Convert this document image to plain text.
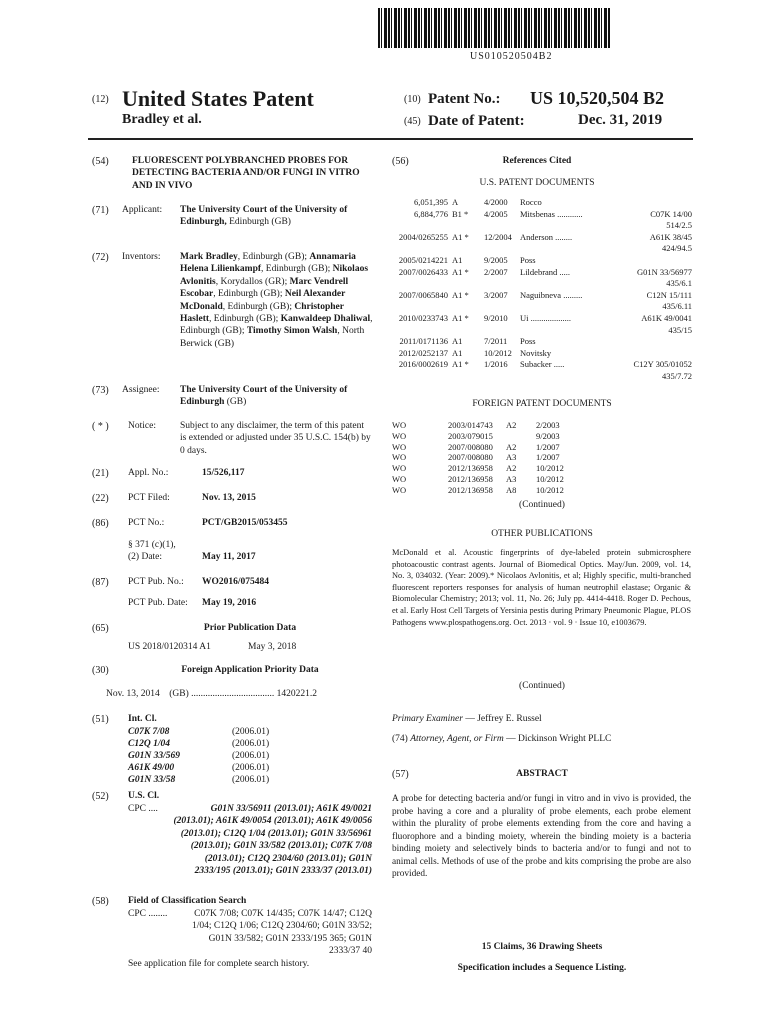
US010520504B2
(12) United States Patent
Bradley et al.
(10) Patent No.: US 10,520,504 B2
(45) Date of Patent:	Dec. 31, 2019
(54) FLUORESCENT POLYBRANCHED PROBES FOR DETECTING BACTERIA AND/OR FUNGI IN VITRO AND IN VIVO
(71) Applicant: The University Court of the University of Edinburgh, Edinburgh (GB)
(72) Inventors: Mark Bradley, Edinburgh (GB); Annamaria Helena Lilienkampf, Edinburgh (GB); Nikolaos Avlonitis, Korydallos (GR); Marc Vendrell Escobar, Edinburgh (GB); Neil Alexander McDonald, Edinburgh (GB); Christopher Haslett, Edinburgh (GB); Kanwaldeep Dhaliwal, Edinburgh (GB); Timothy Simon Walsh, North Berwick (GB)
(73) Assignee: The University Court of the University of Edinburgh (GB)
( * ) Notice:	Subject to any disclaimer, the term of this patent is extended or adjusted under 35 U.S.C. 154(b) by 0 days.
(21) Appl. No.:	15/526,117
(22) PCT Filed:	Nov. 13, 2015
(86) PCT No.:	PCT/GB2015/053455
§ 371 (c)(1),
(2) Date:	May 11, 2017
(87) PCT Pub. No.: WO2016/075484
PCT Pub. Date: May 19, 2016
(65)	Prior Publication Data
US 2018/0120314 A1	May 3, 2018
(30)	Foreign Application Priority Data
Nov. 13, 2014 (GB) ................................... 1420221.2
(51) Int. Cl.
C07K 7/08	(2006.01)
C12Q 1/04	(2006.01)
G01N 33/569	(2006.01)
A61K 49/00	(2006.01)
G01N 33/58	(2006.01)
(52) U.S. Cl.
CPC ....	G01N 33/56911 (2013.01); A61K 49/0021 (2013.01); A61K 49/0054 (2013.01); A61K 49/0056 (2013.01); C12Q 1/04 (2013.01); G01N 33/56961 (2013.01); G01N 33/582 (2013.01); C07K 7/08 (2013.01); C12Q 2304/60 (2013.01); G01N 2333/195 (2013.01); G01N 2333/37 (2013.01)
(58) Field of Classification Search
CPC ........	C07K 7/08; C07K 14/435; C07K 14/47; C12Q 1/04; C12Q 1/06; C12Q 2304/60; G01N 33/52; G01N 33/582; G01N 2333/195 365; G01N 2333/37 40
See application file for complete search history.
(56)	References Cited
U.S. PATENT DOCUMENTS
6,051,395 A	4/2000 Rocco
6,884,776 B1 * 4/2005 Mitsbenas ............	C07K 14/00
514/2.5
2004/0265255 A1 * 12/2004 Anderson ........	A61K 38/45
424/94.5
2005/0214221 A1	9/2005 Poss
2007/0026433 A1 * 2/2007 Lildebrand .....	G01N 33/56977
435/6.1
2007/0065840 A1 * 3/2007 Naguibneva .........	C12N 15/111
435/6.11
2010/0233743 A1 * 9/2010 Ui ...................	A61K 49/0041
435/15
2011/0171136 A1	7/2011 Poss
2012/0252137 A1	10/2012 Novitsky
2016/0002619 A1 * 1/2016 Subacker .....	C12Y 305/01052
435/7.72
FOREIGN PATENT DOCUMENTS
WO	2003/014743 A2 2/2003
WO	2003/079015	9/2003
WO	2007/008080 A2 1/2007
WO	2007/008080 A3 1/2007
WO	2012/136958 A2 10/2012
WO	2012/136958 A3 10/2012
WO	2012/136958 A8 10/2012
(Continued)
OTHER PUBLICATIONS
McDonald et al. Acoustic fingerprints of dye-labeled protein submicrosphere photoacoustic contrast agents. Journal of Biomedical Optics. May/Jun. 2009, vol. 14, No. 3, 034032. (Year: 2009).* Nicolaos Avlonitis, et al; Highly specific, multi-branched fluorescent reporters responses for analysis of human neutrophil elastase; Organic & Biomolecular Chemistry; 2013; vol. 11, No. 26; July pp. 4414-4418. Roger D. Pechous, et al. Early Host Cell Targets of Yersinia pestis during Primary Pneumonic Plague, PLOS Pathogens www.plospathogens.org. Oct. 2013 · vol. 9 · Issue 10, e1003679.
(Continued)
Primary Examiner — Jeffrey E. Russel
(74) Attorney, Agent, or Firm — Dickinson Wright PLLC
(57)	ABSTRACT
A probe for detecting bacteria and/or fungi in vitro and in vivo is provided, the probe having a core and a plurality of probe elements, each probe element within the plurality of probe elements extending from the core and having a fluorophore and a binding moiety, wherein the binding moiety is a bacteria binding moiety and selectively binds to bacteria and/or to fungi and not to animal cells. Methods of use of the probe and kits comprising the probe are also provided.
15 Claims, 36 Drawing Sheets
Specification includes a Sequence Listing.
